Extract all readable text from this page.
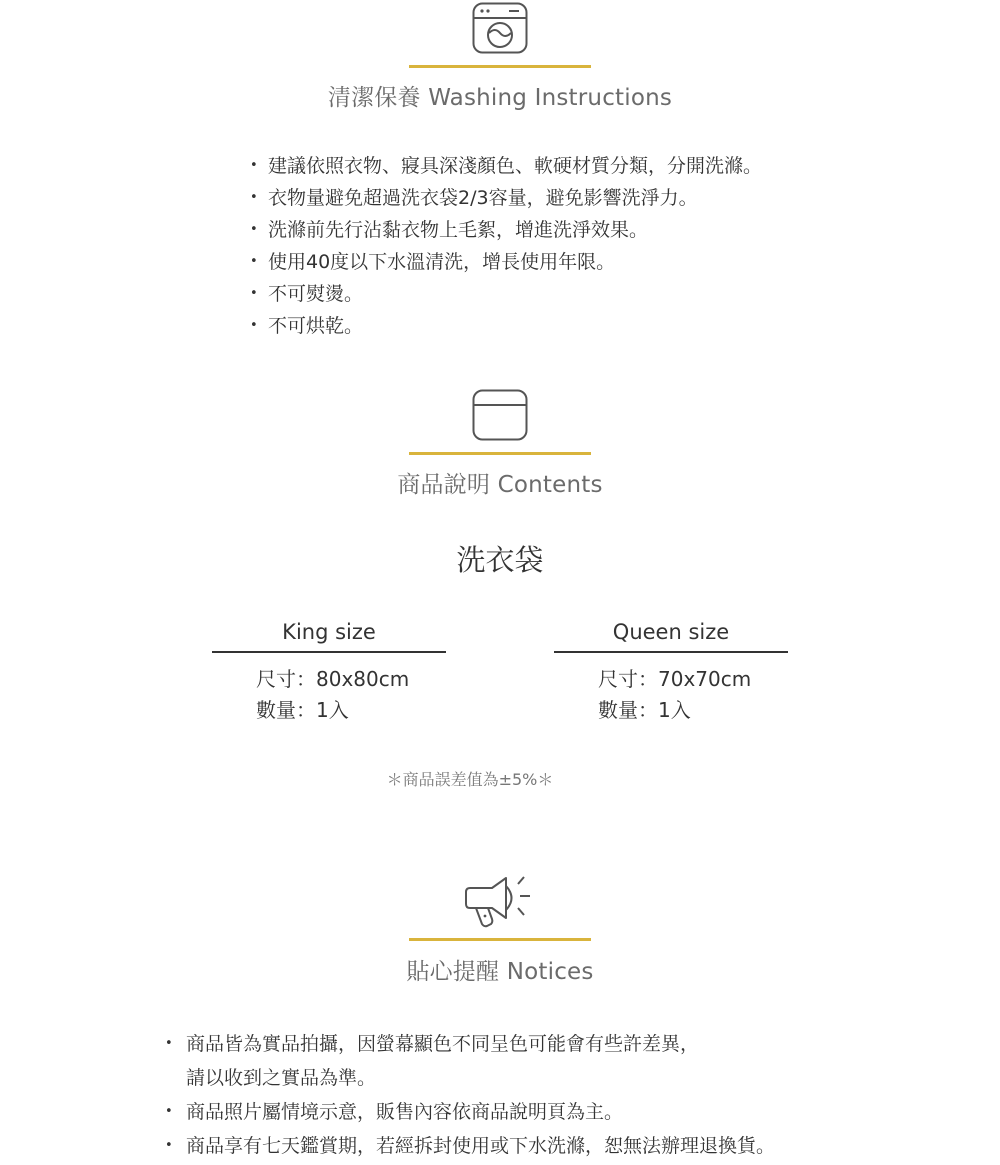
清潔保養 Washing Instructions
• 建議依照衣物、寢具深淺顏色、軟硬材質分類，分開洗滌。
• 衣物量避免超過洗衣袋2/3容量，避免影響洗淨力。
• 洗滌前先行沾黏衣物上毛絮，增進洗淨效果。
• 使用40度以下水溫清洗，增長使用年限。
• 不可熨燙。
• 不可烘乾。
商品說明 Contents
洗衣袋
King size
尺寸：80x80cm
數量：1入
Queen size
尺寸：70x70cm
數量：1入
＊商品誤差值為±5%＊
貼心提醒 Notices
• 商品皆為實品拍攝，因螢幕顯色不同呈色可能會有些許差異，
請以收到之實品為準。
• 商品照片屬情境示意，販售內容依商品說明頁為主。
• 商品享有七天鑑賞期，若經拆封使用或下水洗滌，恕無法辦理退換貨。
